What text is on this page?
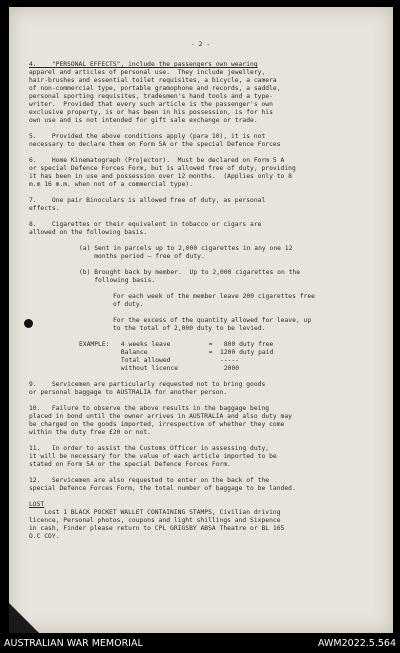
- 2 -
4.    "PERSONAL EFFECTS", include the passengers own wearing
apparel and articles of personal use.  They include jewellery,
hair-brushes and essential toilet requisites, a bicycle, a camera
of non-commercial type, portable gramophone and records, a saddle,
personal sporting requisites, tradesmen's hand tools and a type-
writer.  Provided that every such article is the passenger's own
exclusive property, is or has been in his possession, is for his
own use and is not intended for gift sale exchange or trade.
5.    Provided the above conditions apply (para 10), it is not
necessary to declare them on Form 5A or the special Defence Forces
6.    Home Kinematograph (Projector).  Must be declared on Form 5 A
or special Defence Forces Form, but is allowed free of duty, providing
it has been in use and possession over 12 months.  (Applies only to 8
m.m 16 m.m. when not of a commercial type).
7.    One pair Binoculars is allowed free of duty, as personal
effects.
8.    Cigarettes or their equivalent in tobacco or cigars are
allowed on the following basis.
(a) Sent in parcels up to 2,000 cigarettes in any one 12
months period — free of duty.
(b) Brought back by member.  Up to 2,000 cigarettes on the
following basis.
For each week of the member leave 200 cigarettes free
of duty.
For the excess of the quantity allowed for leave, up
to the total of 2,000 duty to be levied.
EXAMPLE:   4 weeks leave          =   800 duty free
Balance                =  1200 duty paid
Total allowed             -----
without licence            2000
9.    Servicemen are particularly requested not to bring goods
or personal baggage to AUSTRALIA for another person.
10.   Failure to observe the above results in the baggage being
placed in bond until the owner arrives in AUSTRALIA and also duty may
be charged on the goods imported, irrespective of whether they come
within the duty free £20 or not.
11.   In order to assist the Customs Officer in assessing duty,
it will be necessary for the value of each article imported to be
stated on Form 5A or the special Defence Forces Form.
12.   Servicemen are also requested to enter on the back of the
special Defence Forces Form, the total number of baggage to be landed.
LOST
Lost 1 BLACK POCKET WALLET CONTAINING STAMPS, Civilian driving
licence, Personal photos, coupons and light shillings and Sixpence
in cash, Finder please return to CPL GRIGSBY ABSA Theatre or BL 165
O.C COY.
AUSTRALIAN WAR MEMORIAL	AWM2022.5.564
